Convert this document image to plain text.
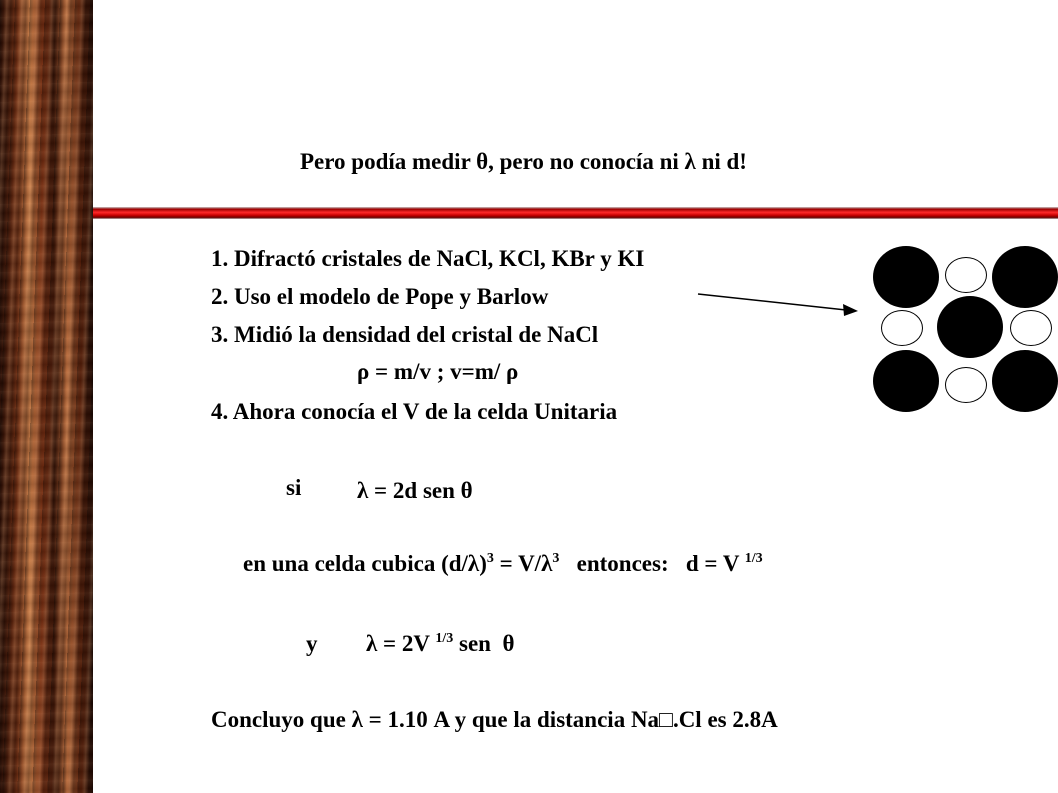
Pero podía medir θ, pero no conocía ni λ ni d!
1. Difractó cristales de NaCl, KCl, KBr y KI
2. Uso el modelo de Pope y Barlow
3. Midió la densidad del cristal de NaCl
ρ = m/v ; v=m/ ρ
4. Ahora conocía el V de la celda Unitaria
si λ = 2d sen θ
en una celda cubica $(d/\lambda)^3 = V/\lambda^3$   entonces:   d = V $^{1/3}$
y λ = 2V $^{1/3}$ sen  θ
Concluyo que λ = 1.10 A y que la distancia Na□.Cl es 2.8A
